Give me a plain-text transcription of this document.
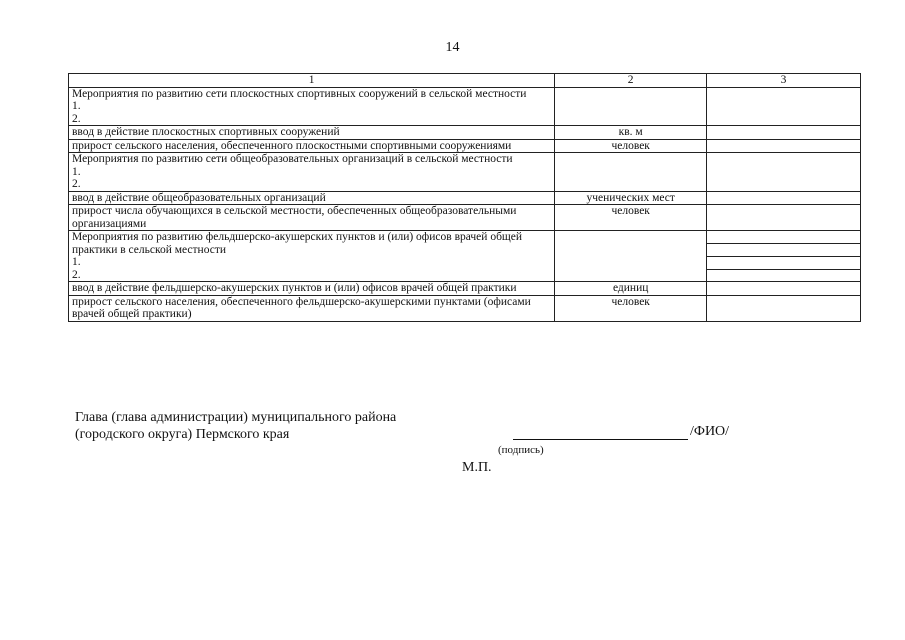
14
1	2	3

Мероприятия по развитию сети плоскостных спортивных сооружений в сельской местности
1.
2.		

ввод в действие плоскостных спортивных сооружений	кв. м	

прирост сельского населения, обеспеченного плоскостными спортивными сооружениями	человек	

Мероприятия по развитию сети общеобразовательных организаций в сельской местности
1.
2.		

ввод в действие общеобразовательных организаций	ученических мест	

прирост числа обучающихся в сельской местности, обеспеченных общеобразовательными организациями	человек	

Мероприятия по развитию фельдшерско-акушерских пунктов и (или) офисов врачей общей практики в сельской местности
1.
2.		

ввод в действие фельдшерско-акушерских пунктов и (или) офисов врачей общей практики	единиц	

прирост сельского населения, обеспеченного фельдшерско-акушерскими пунктами (офисами врачей общей практики)	человек	
Глава (глава администрации) муниципального района
(городского округа) Пермского края	/ФИО/
(подпись)
М.П.
